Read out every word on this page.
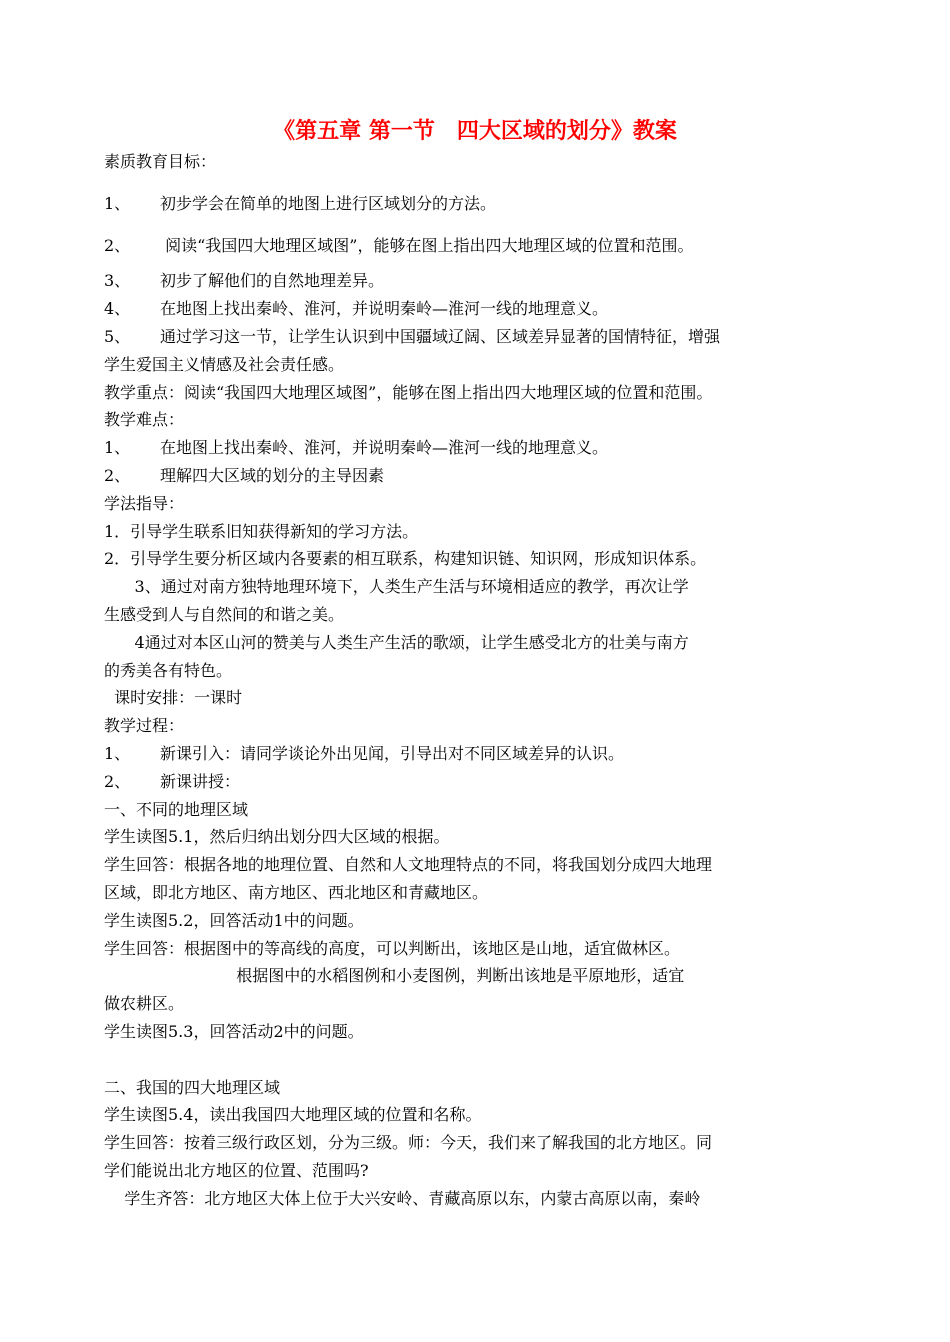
《第五章 第一节　四大区域的划分》教案

素质教育目标：

1、 初步学会在简单的地图上进行区域划分的方法。

2、 阅读“我国四大地理区域图”，能够在图上指出四大地理区域的位置和范围。

3、 初步了解他们的自然地理差异。

4、 在地图上找出秦岭、淮河，并说明秦岭—淮河一线的地理意义。

5、 通过学习这一节，让学生认识到中国疆域辽阔、区域差异显著的国情特征，增强

学生爱国主义情感及社会责任感。

教学重点：阅读“我国四大地理区域图”，能够在图上指出四大地理区域的位置和范围。

教学难点：

1、 在地图上找出秦岭、淮河，并说明秦岭—淮河一线的地理意义。

2、 理解四大区域的划分的主导因素

学法指导：

1．引导学生联系旧知获得新知的学习方法。

2．引导学生要分析区域内各要素的相互联系，构建知识链、知识网，形成知识体系。

3、通过对南方独特地理环境下，人类生产生活与环境相适应的教学，再次让学

生感受到人与自然间的和谐之美。

4通过对本区山河的赞美与人类生产生活的歌颂，让学生感受北方的壮美与南方

的秀美各有特色。

课时安排：一课时

教学过程：

1、 新课引入：请同学谈论外出见闻，引导出对不同区域差异的认识。

2、 新课讲授：

一、不同的地理区域

学生读图5.1，然后归纳出划分四大区域的根据。

学生回答：根据各地的地理位置、自然和人文地理特点的不同，将我国划分成四大地理

区域，即北方地区、南方地区、西北地区和青藏地区。

学生读图5.2，回答活动1中的问题。

学生回答：根据图中的等高线的高度，可以判断出，该地区是山地，适宜做林区。

根据图中的水稻图例和小麦图例，判断出该地是平原地形，适宜

做农耕区。

学生读图5.3，回答活动2中的问题。

二、我国的四大地理区域

学生读图5.4，读出我国四大地理区域的位置和名称。

学生回答：按着三级行政区划，分为三级。师：今天，我们来了解我国的北方地区。同

学们能说出北方地区的位置、范围吗?

学生齐答：北方地区大体上位于大兴安岭、青藏高原以东，内蒙古高原以南，秦岭
